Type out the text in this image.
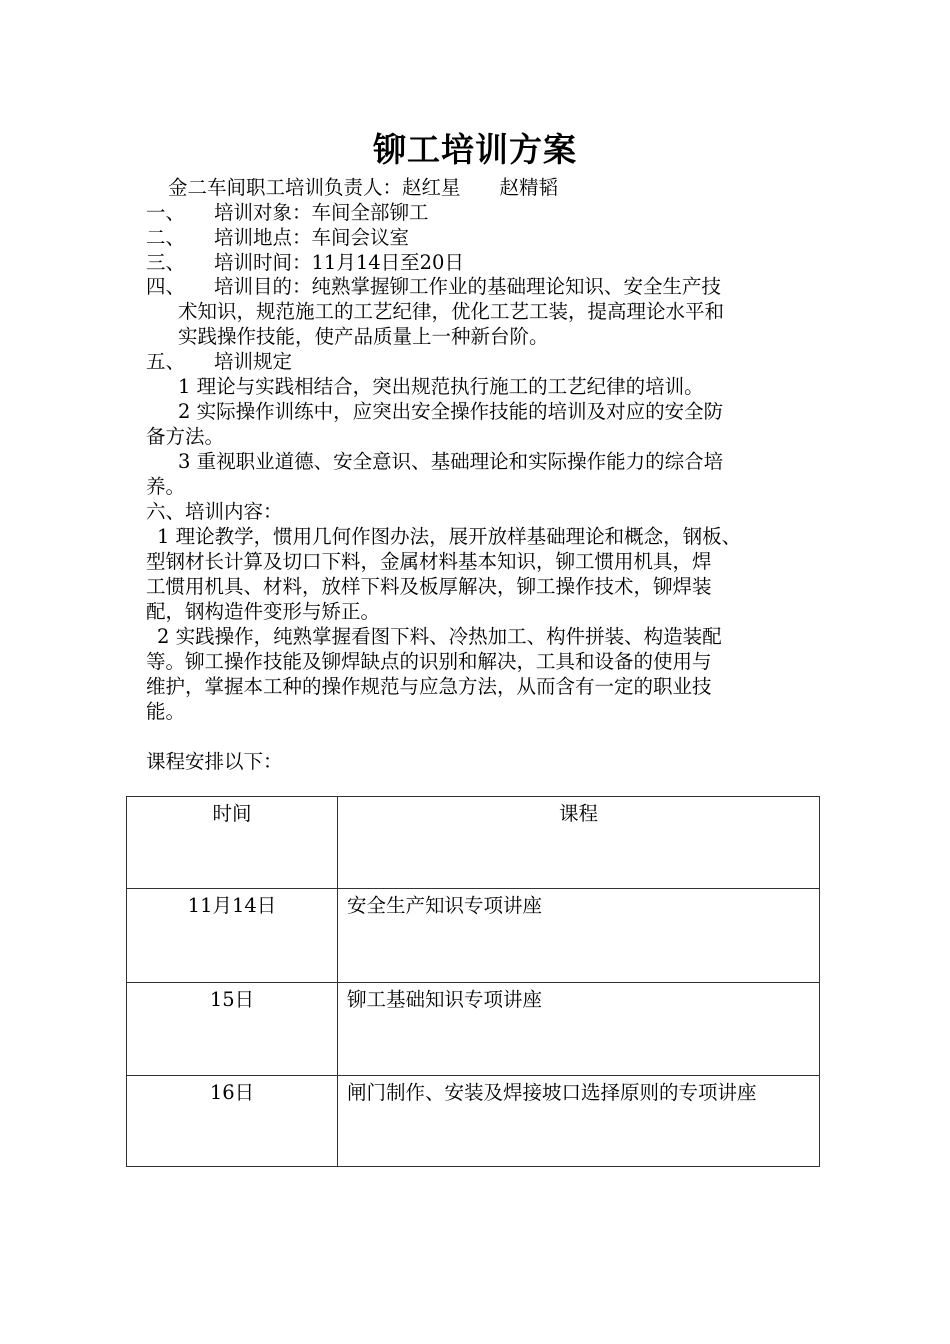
铆工培训方案
金二车间职工培训负责人：赵红星　　赵精韬
一、 培训对象：车间全部铆工
二、 培训地点：车间会议室
三、 培训时间：11月14日至20日
四、 培训目的：纯熟掌握铆工作业的基础理论知识、安全生产技
术知识，规范施工的工艺纪律，优化工艺工装，提高理论水平和
实践操作技能，使产品质量上一种新台阶。
五、 培训规定
1 理论与实践相结合，突出规范执行施工的工艺纪律的培训。
2 实际操作训练中，应突出安全操作技能的培训及对应的安全防
备方法。
3 重视职业道德、安全意识、基础理论和实际操作能力的综合培
养。
六、培训内容：
1 理论教学，惯用几何作图办法，展开放样基础理论和概念，钢板、
型钢材长计算及切口下料，金属材料基本知识，铆工惯用机具，焊
工惯用机具、材料，放样下料及板厚解决，铆工操作技术，铆焊装
配，钢构造件变形与矫正。
2 实践操作，纯熟掌握看图下料、冷热加工、构件拼装、构造装配
等。铆工操作技能及铆焊缺点的识别和解决，工具和设备的使用与
维护，掌握本工种的操作规范与应急方法，从而含有一定的职业技
能。
课程安排以下：
时间	课程
11月14日	安全生产知识专项讲座
15日	铆工基础知识专项讲座
16日	闸门制作、安装及焊接坡口选择原则的专项讲座
